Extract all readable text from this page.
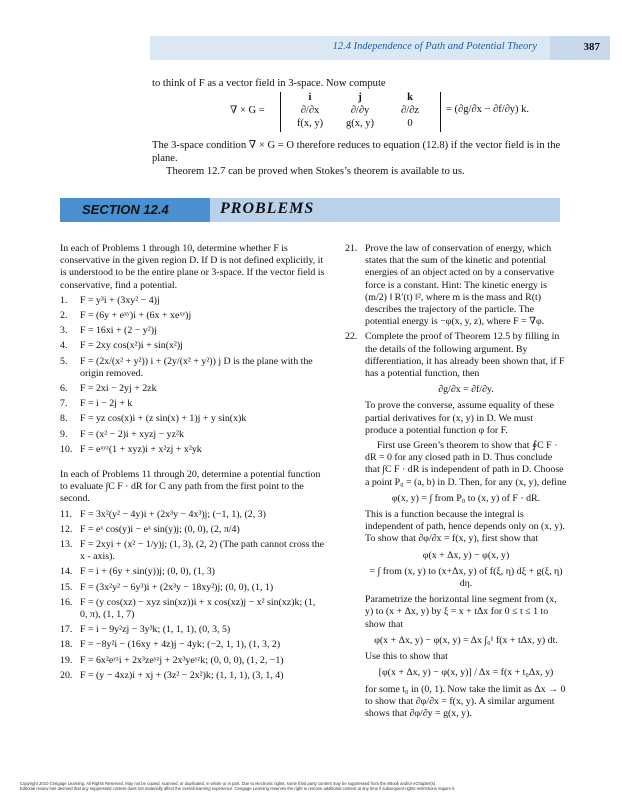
12.4 Independence of Path and Potential Theory	387

to think of F as a vector field in 3-space. Now compute

∇ × G =
i	j	k
∂/∂x	∂/∂y	∂/∂z
f(x, y)	g(x, y)	0
= (∂g/∂x − ∂f/∂y) k.

The 3-space condition ∇ × G = O therefore reduces to equation (12.8) if the vector field is in the plane.

Theorem 12.7 can be proved when Stokes’s theorem is available to us.

SECTION 12.4	PROBLEMS

In each of Problems 1 through 10, determine whether F is conservative in the given region D. If D is not defined explicitly, it is understood to be the entire plane or 3-space. If the vector field is conservative, find a potential.

1. F = y³i + (3xy² − 4)j
2. F = (6y + eˣʸ)i + (6x + xeˣʸ)j
3. F = 16xi + (2 − y²)j
4. F = 2xy cos(x²)i + sin(x²)j
5. F = (2x/(x² + y²)) i + (2y/(x² + y²)) j D is the plane with the origin removed.
6. F = 2xi − 2yj + 2zk
7. F = i − 2j + k
8. F = yz cos(x)i + (z sin(x) + 1)j + y sin(x)k
9. F = (x² − 2)i + xyzj − yz²k
10. F = eˣʸᶻ(1 + xyz)i + x²zj + x²yk

In each of Problems 11 through 20, determine a potential function to evaluate ∫C F · dR for C any path from the first point to the second.

11. F = 3x²(y² − 4y)i + (2x³y − 4x³)j; (−1, 1), (2, 3)
12. F = eˣ cos(y)i − eˣ sin(y)j; (0, 0), (2, π/4)
13. F = 2xyi + (x² − 1/y)j; (1, 3), (2, 2) (The path cannot cross the x - axis).
14. F = i + (6y + sin(y))j; (0, 0), (1, 3)
15. F = (3x²y² − 6y³)i + (2x³y − 18xy²)j; (0, 0), (1, 1)
16. F = (y cos(xz) − xyz sin(xz))i + x cos(xz)j − x² sin(xz)k; (1, 0, π), (1, 1, 7)
17. F = i − 9y²zj − 3y³k; (1, 1, 1), (0, 3, 5)
18. F = −8y²i − (16xy + 4z)j − 4yk; (−2, 1, 1), (1, 3, 2)
19. F = 6x²eʸᶻi + 2x³zeʸᶻj + 2x³yeʸᶻk; (0, 0, 0), (1, 2, −1)
20. F = (y − 4xz)i + xj + (3z² − 2x²)k; (1, 1, 1), (3, 1, 4)
21. Prove the law of conservation of energy, which states that the sum of the kinetic and potential energies of an object acted on by a conservative force is a constant. Hint: The kinetic energy is (m/2) ‖ R′(t) ‖², where m is the mass and R(t) describes the trajectory of the particle. The potential energy is −φ(x, y, z), where F = ∇φ.
22. Complete the proof of Theorem 12.5 by filling in the details of the following argument. By differentiation, it has already been shown that, if F has a potential function, then
∂g/∂x = ∂f/∂y.

To prove the converse, assume equality of these partial derivatives for (x, y) in D. We must produce a potential function φ for F.

First use Green’s theorem to show that ∮C F · dR = 0 for any closed path in D. Thus conclude that ∫C F · dR is independent of path in D. Choose a point P₀ = (a, b) in D. Then, for any (x, y), define

φ(x, y) = ∫ from P₀ to (x, y) of F · dR.

This is a function because the integral is independent of path, hence depends only on (x, y). To show that ∂φ/∂x = f(x, y), first show that

φ(x + Δx, y) − φ(x, y)
= ∫ from (x, y) to (x+Δx, y) of f(ξ, η) dξ + g(ξ, η) dη.

Parametrize the horizontal line segment from (x, y) to (x + Δx, y) by ξ = x + tΔx for 0 ≤ t ≤ 1 to show that

φ(x + Δx, y) − φ(x, y) = Δx ∫₀¹ f(x + tΔx, y) dt.

Use this to show that

[φ(x + Δx, y) − φ(x, y)] / Δx = f(x + t₀Δx, y)

for some t₀ in (0, 1). Now take the limit as Δx → 0 to show that ∂φ/∂x = f(x, y). A similar argument shows that ∂φ/∂y = g(x, y).

Copyright 2010 Cengage Learning. All Rights Reserved. May not be copied, scanned, or duplicated, in whole or in part. Due to electronic rights, some third party content may be suppressed from the eBook and/or eChapter(s).
Editorial review has deemed that any suppressed content does not materially affect the overall learning experience. Cengage Learning reserves the right to remove additional content at any time if subsequent rights restrictions require it.
